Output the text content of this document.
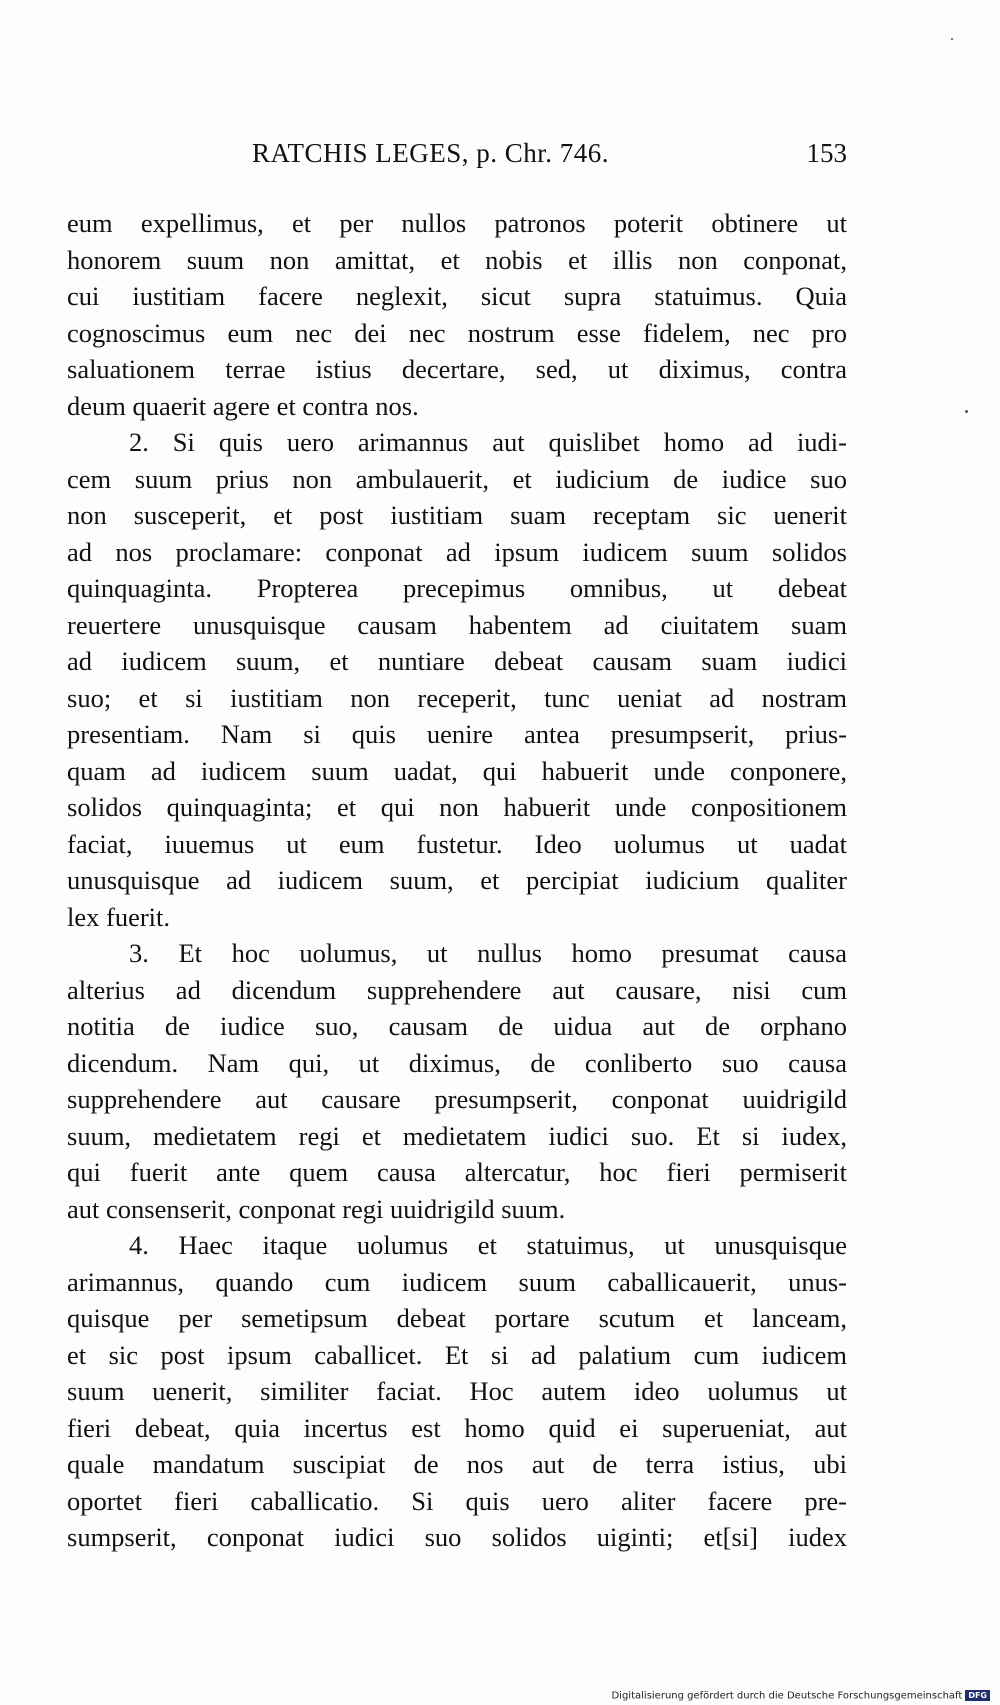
RATCHIS LEGES, p. Chr. 746.	153
eum expellimus, et per nullos patronos poterit obtinere ut
honorem suum non amittat, et nobis et illis non conponat,
cui iustitiam facere neglexit, sicut supra statuimus. Quia
cognoscimus eum nec dei nec nostrum esse fidelem, nec pro
saluationem terrae istius decertare, sed, ut diximus, contra
deum quaerit agere et contra nos.
2. Si quis uero arimannus aut quislibet homo ad iudi-
cem suum prius non ambulauerit, et iudicium de iudice suo
non susceperit, et post iustitiam suam receptam sic uenerit
ad nos proclamare: conponat ad ipsum iudicem suum solidos
quinquaginta. Propterea precepimus omnibus, ut debeat
reuertere unusquisque causam habentem ad ciuitatem suam
ad iudicem suum, et nuntiare debeat causam suam iudici
suo; et si iustitiam non receperit, tunc ueniat ad nostram
presentiam. Nam si quis uenire antea presumpserit, prius-
quam ad iudicem suum uadat, qui habuerit unde conponere,
solidos quinquaginta; et qui non habuerit unde conpositionem
faciat, iuuemus ut eum fustetur. Ideo uolumus ut uadat
unusquisque ad iudicem suum, et percipiat iudicium qualiter
lex fuerit.
3. Et hoc uolumus, ut nullus homo presumat causa
alterius ad dicendum supprehendere aut causare, nisi cum
notitia de iudice suo, causam de uidua aut de orphano
dicendum. Nam qui, ut diximus, de conliberto suo causa
supprehendere aut causare presumpserit, conponat uuidrigild
suum, medietatem regi et medietatem iudici suo. Et si iudex,
qui fuerit ante quem causa altercatur, hoc fieri permiserit
aut consenserit, conponat regi uuidrigild suum.
4. Haec itaque uolumus et statuimus, ut unusquisque
arimannus, quando cum iudicem suum caballicauerit, unus-
quisque per semetipsum debeat portare scutum et lanceam,
et sic post ipsum caballicet. Et si ad palatium cum iudicem
suum uenerit, similiter faciat. Hoc autem ideo uolumus ut
fieri debeat, quia incertus est homo quid ei superueniat, aut
quale mandatum suscipiat de nos aut de terra istius, ubi
oportet fieri caballicatio. Si quis uero aliter facere pre-
sumpserit, conponat iudici suo solidos uiginti; et[si] iudex
Digitalisierung gefördert durch die Deutsche Forschungsgemeinschaft DFG
